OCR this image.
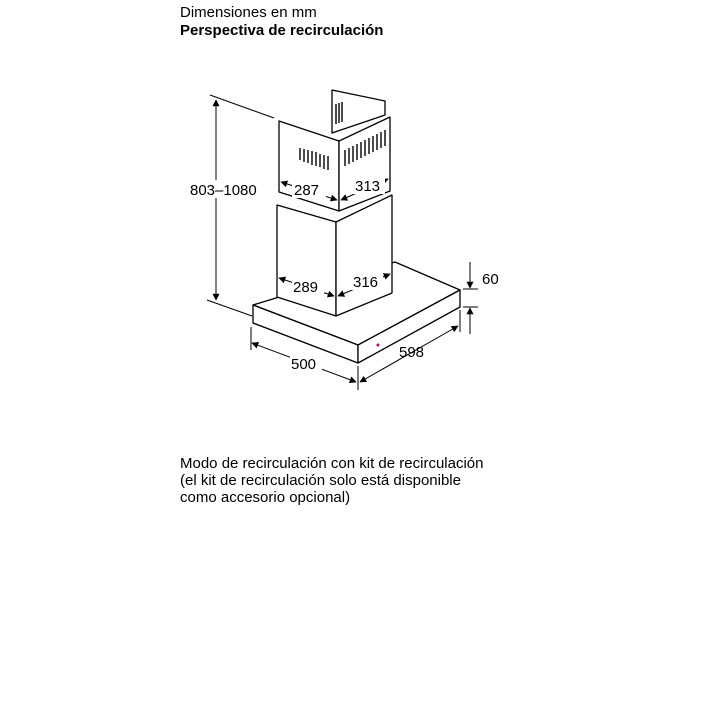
Dimensiones en mm
Perspectiva de recirculación
803–1080 287 313
289 316	60
500
598
Modo de recirculación con kit de recirculación
(el kit de recirculación solo está disponible
como accesorio opcional)
